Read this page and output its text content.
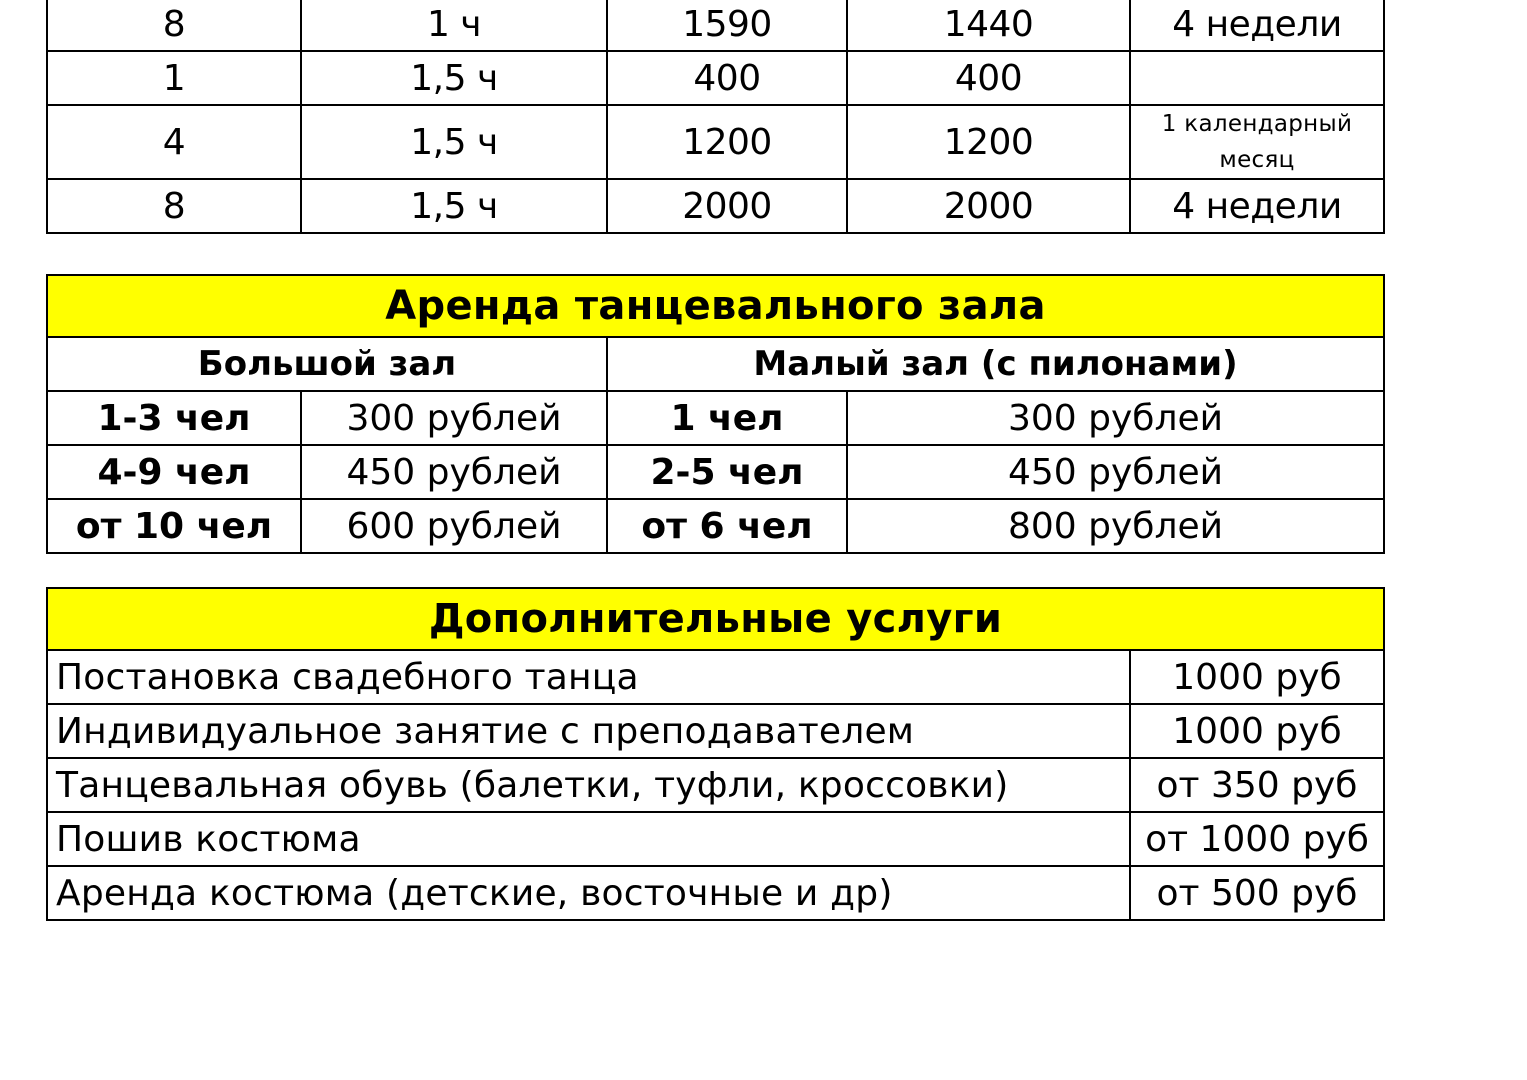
8	1 ч	1590	1440	4 недели
1	1,5 ч	400	400	
4	1,5 ч	1200	1200	1 календарный
месяц

8	1,5 ч	2000	2000	4 недели
Аренда танцевального зала			
Большой зал		Малый зал (с пилонами)	
1-3 чел	300 рублей	1 чел	300 рублей
4-9 чел	450 рублей	2-5 чел	450 рублей
от 10 чел	600 рублей	от 6 чел	800 рублей
Дополнительные услуги	
Постановка свадебного танца	1000 руб
Индивидуальное занятие с преподавателем	1000 руб
Танцевальная обувь (балетки, туфли, кроссовки)	от 350 руб
Пошив костюма	от 1000 руб
Аренда костюма (детские, восточные и др)	от 500 руб
